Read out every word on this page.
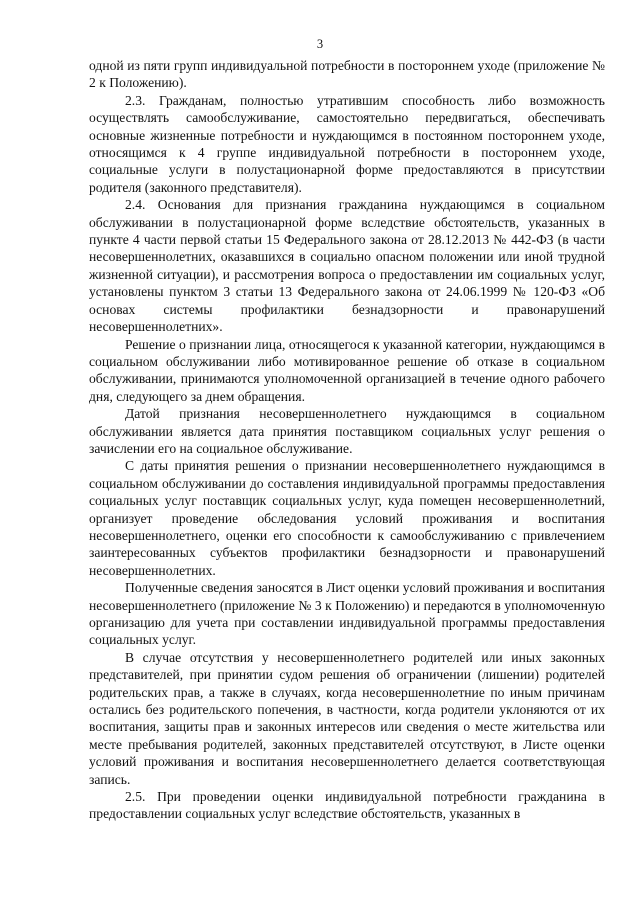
3

одной из пяти групп индивидуальной потребности в постороннем уходе (приложение № 2 к Положению).

2.3. Гражданам, полностью утратившим способность либо возможность осуществлять самообслуживание, самостоятельно передвигаться, обеспечивать основные жизненные потребности и нуждающимся в постоянном постороннем уходе, относящимся к 4 группе индивидуальной потребности в постороннем уходе, социальные услуги в полустационарной форме предоставляются в присутствии родителя (законного представителя).

2.4. Основания для признания гражданина нуждающимся в социальном обслуживании в полустационарной форме вследствие обстоятельств, указанных в пункте 4 части первой статьи 15 Федерального закона от 28.12.2013 № 442-ФЗ (в части несовершеннолетних, оказавшихся в социально опасном положении или иной трудной жизненной ситуации), и рассмотрения вопроса о предоставлении им социальных услуг, установлены пунктом 3 статьи 13 Федерального закона от 24.06.1999 № 120-ФЗ «Об основах системы профилактики безнадзорности и правонарушений несовершеннолетних».

Решение о признании лица, относящегося к указанной категории, нуждающимся в социальном обслуживании либо мотивированное решение об отказе в социальном обслуживании, принимаются уполномоченной организацией в течение одного рабочего дня, следующего за днем обращения.

Датой признания несовершеннолетнего нуждающимся в социальном обслуживании является дата принятия поставщиком социальных услуг решения о зачислении его на социальное обслуживание.

С даты принятия решения о признании несовершеннолетнего нуждающимся в социальном обслуживании до составления индивидуальной программы предоставления социальных услуг поставщик социальных услуг, куда помещен несовершеннолетний, организует проведение обследования условий проживания и воспитания несовершеннолетнего, оценки его способности к самообслуживанию с привлечением заинтересованных субъектов профилактики безнадзорности и правонарушений несовершеннолетних.

Полученные сведения заносятся в Лист оценки условий проживания и воспитания несовершеннолетнего (приложение № 3 к Положению) и передаются в уполномоченную организацию для учета при составлении индивидуальной программы предоставления социальных услуг.

В случае отсутствия у несовершеннолетнего родителей или иных законных представителей, при принятии судом решения об ограничении (лишении) родителей родительских прав, а также в случаях, когда несовершеннолетние по иным причинам остались без родительского попечения, в частности, когда родители уклоняются от их воспитания, защиты прав и законных интересов или сведения о месте жительства или месте пребывания родителей, законных представителей отсутствуют, в Листе оценки условий проживания и воспитания несовершеннолетнего делается соответствующая запись.

2.5. При проведении оценки индивидуальной потребности гражданина в предоставлении социальных услуг вследствие обстоятельств, указанных в
